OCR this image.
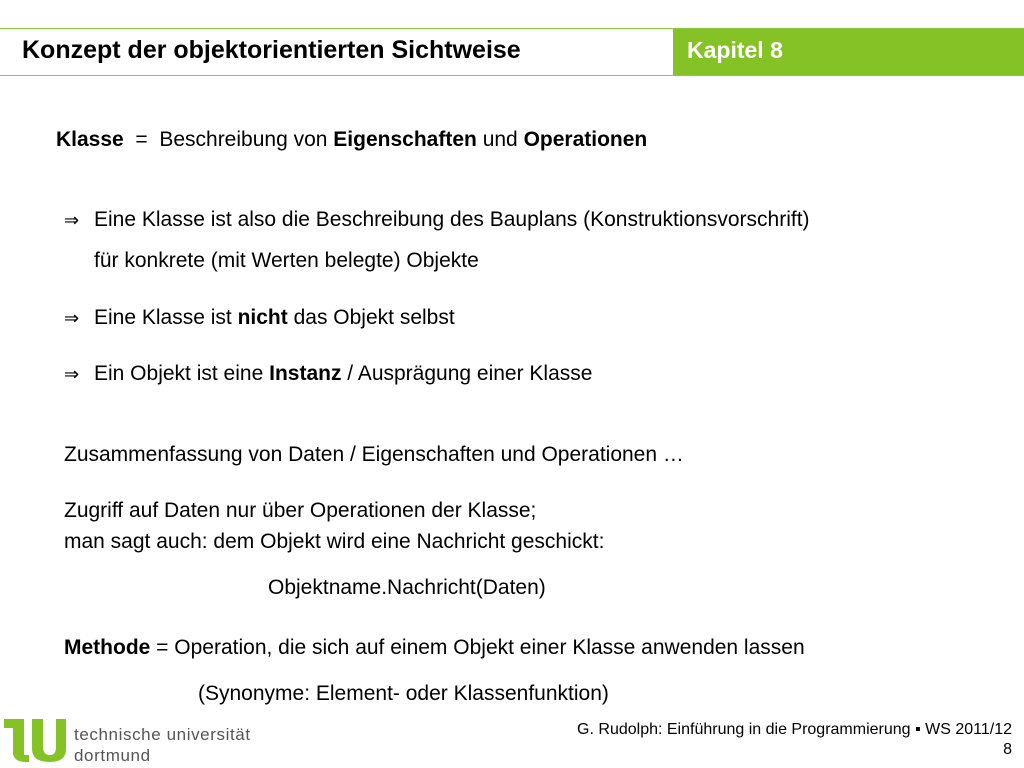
Konzept der objektorientierten Sichtweise	Kapitel 8
Klasse = Beschreibung von Eigenschaften und Operationen
⇒ Eine Klasse ist also die Beschreibung des Bauplans (Konstruktionsvorschrift)
für konkrete (mit Werten belegte) Objekte
⇒ Eine Klasse ist nicht das Objekt selbst
⇒ Ein Objekt ist eine Instanz / Ausprägung einer Klasse
Zusammenfassung von Daten / Eigenschaften und Operationen …
Zugriff auf Daten nur über Operationen der Klasse;
man sagt auch: dem Objekt wird eine Nachricht geschickt:
Objektname.Nachricht(Daten)
Methode = Operation, die sich auf einem Objekt einer Klasse anwenden lassen
(Synonyme: Element- oder Klassenfunktion)
technische universität
dortmund
G. Rudolph: Einführung in die Programmierung ▪ WS 2011/12
8
